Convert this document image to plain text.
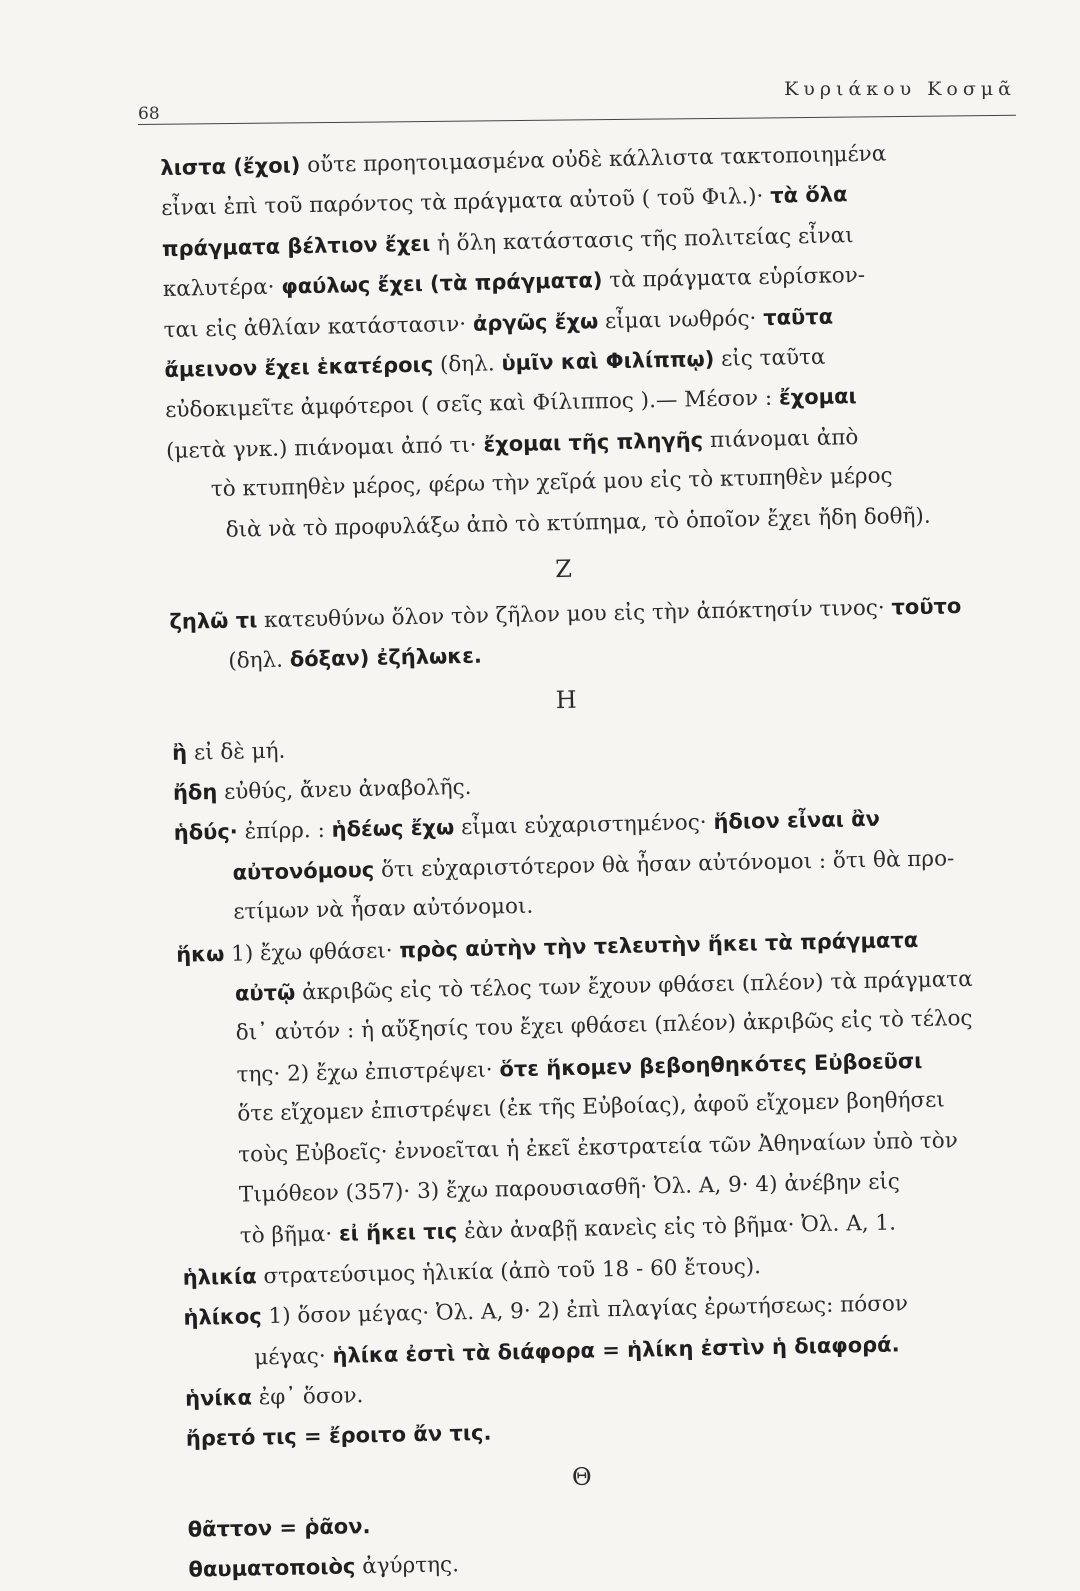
68
Κυριάκου Κοσμᾶ
λιστα (ἔχοι) οὔτε προητοιμασμένα οὐδὲ κάλλιστα τακτοποιημένα
εἶναι ἐπὶ τοῦ παρόντος τὰ πράγματα αὐτοῦ ( τοῦ Φιλ.)· τὰ ὅλα
πράγματα βέλτιον ἔχει ἡ ὅλη κατάστασις τῆς πολιτείας εἶναι
καλυτέρα· φαύλως ἔχει (τὰ πράγματα) τὰ πράγματα εὑρίσκον-
ται εἰς ἀθλίαν κατάστασιν· ἀργῶς ἔχω εἶμαι νωθρός· ταῦτα
ἄμεινον ἔχει ἑκατέροις (δηλ. ὑμῖν καὶ Φιλίππῳ) εἰς ταῦτα
εὐδοκιμεῖτε ἀμφότεροι ( σεῖς καὶ Φίλιππος ).— Μέσον : ἔχομαι
(μετὰ γνκ.) πιάνομαι ἀπό τι· ἔχομαι τῆς πληγῆς πιάνομαι ἀπὸ
τὸ κτυπηθὲν μέρος, φέρω τὴν χεῖρά μου εἰς τὸ κτυπηθὲν μέρος
διὰ νὰ τὸ προφυλάξω ἀπὸ τὸ κτύπημα, τὸ ὁποῖον ἔχει ἤδη δοθῆ).
Ζ
ζηλῶ τι κατευθύνω ὅλον τὸν ζῆλον μου εἰς τὴν ἀπόκτησίν τινος· τοῦτο
(δηλ. δόξαν) ἐζήλωκε.
Η
ἢ εἰ δὲ μή.
ἤδη εὐθύς, ἄνευ ἀναβολῆς.
ἡδύς· ἐπίρρ. : ἡδέως ἔχω εἶμαι εὐχαριστημένος· ἥδιον εἶναι ἂν
αὐτονόμους ὅτι εὐχαριστότερον θὰ ἦσαν αὐτόνομοι : ὅτι θὰ προ-
ετίμων νὰ ἦσαν αὐτόνομοι.
ἥκω 1) ἔχω φθάσει· πρὸς αὐτὴν τὴν τελευτὴν ἥκει τὰ πράγματα
αὐτῷ ἀκριβῶς εἰς τὸ τέλος των ἔχουν φθάσει (πλέον) τὰ πράγματα
δι᾽ αὐτόν : ἡ αὔξησίς του ἔχει φθάσει (πλέον) ἀκριβῶς εἰς τὸ τέλος
της· 2) ἔχω ἐπιστρέψει· ὅτε ἥκομεν βεβοηθηκότες Εὐβοεῦσι
ὅτε εἴχομεν ἐπιστρέψει (ἐκ τῆς Εὐβοίας), ἀφοῦ εἴχομεν βοηθήσει
τοὺς Εὐβοεῖς· ἐννοεῖται ἡ ἐκεῖ ἐκστρατεία τῶν Ἀθηναίων ὑπὸ τὸν
Τιμόθεον (357)· 3) ἔχω παρουσιασθῆ· Ὀλ. Α, 9· 4) ἀνέβην εἰς
τὸ βῆμα· εἰ ἥκει τις ἐὰν ἀναβῇ κανεὶς εἰς τὸ βῆμα· Ὀλ. Α, 1.
ἡλικία στρατεύσιμος ἡλικία (ἀπὸ τοῦ 18 - 60 ἔτους).
ἡλίκος 1) ὅσον μέγας· Ὀλ. Α, 9· 2) ἐπὶ πλαγίας ἐρωτήσεως: πόσον
μέγας· ἡλίκα ἐστὶ τὰ διάφορα = ἡλίκη ἐστὶν ἡ διαφορά.
ἡνίκα ἐφ᾽ ὅσον.
ἤρετό τις = ἔροιτο ἄν τις.
Θ
θᾶττον = ῥᾶον.
θαυματοποιὸς ἀγύρτης.
